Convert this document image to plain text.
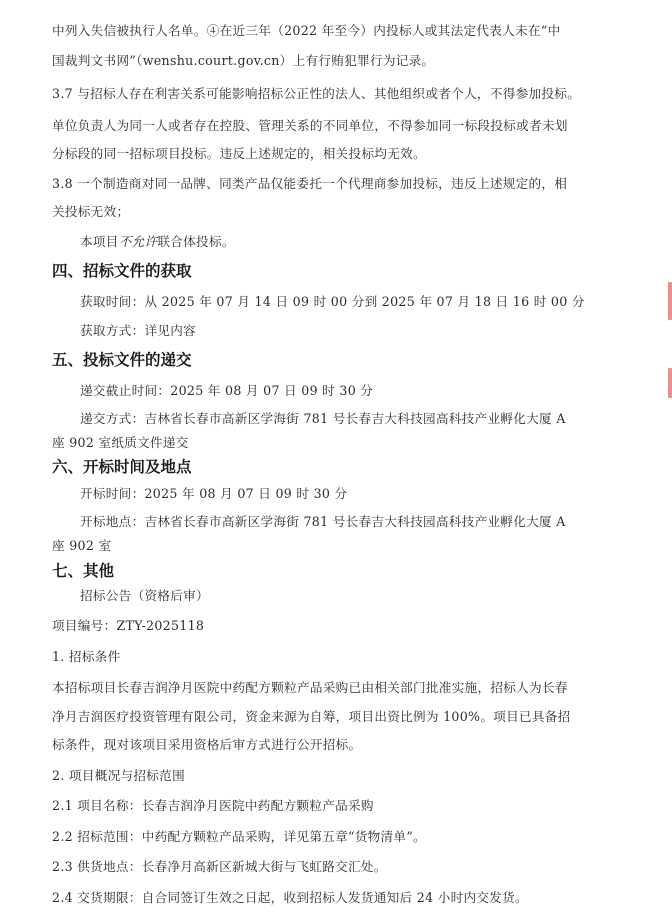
中列入失信被执行人名单。④在近三年（2022 年至今）内投标人或其法定代表人未在“中
国裁判文书网”（wenshu.court.gov.cn）上有行贿犯罪行为记录。
3.7 与招标人存在利害关系可能影响招标公正性的法人、其他组织或者个人，不得参加投标。
单位负责人为同一人或者存在控股、管理关系的不同单位，不得参加同一标段投标或者未划
分标段的同一招标项目投标。违反上述规定的，相关投标均无效。
3.8 一个制造商对同一品牌、同类产品仅能委托一个代理商参加投标，违反上述规定的，相
关投标无效；
本项目不允许联合体投标。
四、招标文件的获取
获取时间：从 2025 年 07 月 14 日 09 时 00 分到 2025 年 07 月 18 日 16 时 00 分
获取方式：详见内容
五、投标文件的递交
递交截止时间：2025 年 08 月 07 日 09 时 30 分
递交方式：吉林省长春市高新区学海街 781 号长春吉大科技园高科技产业孵化大厦 A
座 902 室纸质文件递交
六、开标时间及地点
开标时间：2025 年 08 月 07 日 09 时 30 分
开标地点：吉林省长春市高新区学海街 781 号长春吉大科技园高科技产业孵化大厦 A
座 902 室
七、其他
招标公告（资格后审）
项目编号：ZTY-2025118
1. 招标条件
本招标项目长春吉润净月医院中药配方颗粒产品采购已由相关部门批准实施，招标人为长春
净月吉润医疗投资管理有限公司，资金来源为自筹，项目出资比例为 100%。项目已具备招
标条件，现对该项目采用资格后审方式进行公开招标。
2. 项目概况与招标范围
2.1 项目名称：长春吉润净月医院中药配方颗粒产品采购
2.2 招标范围：中药配方颗粒产品采购，详见第五章“货物清单”。
2.3 供货地点：长春净月高新区新城大街与飞虹路交汇处。
2.4 交货期限：自合同签订生效之日起，收到招标人发货通知后 24 小时内交发货。
